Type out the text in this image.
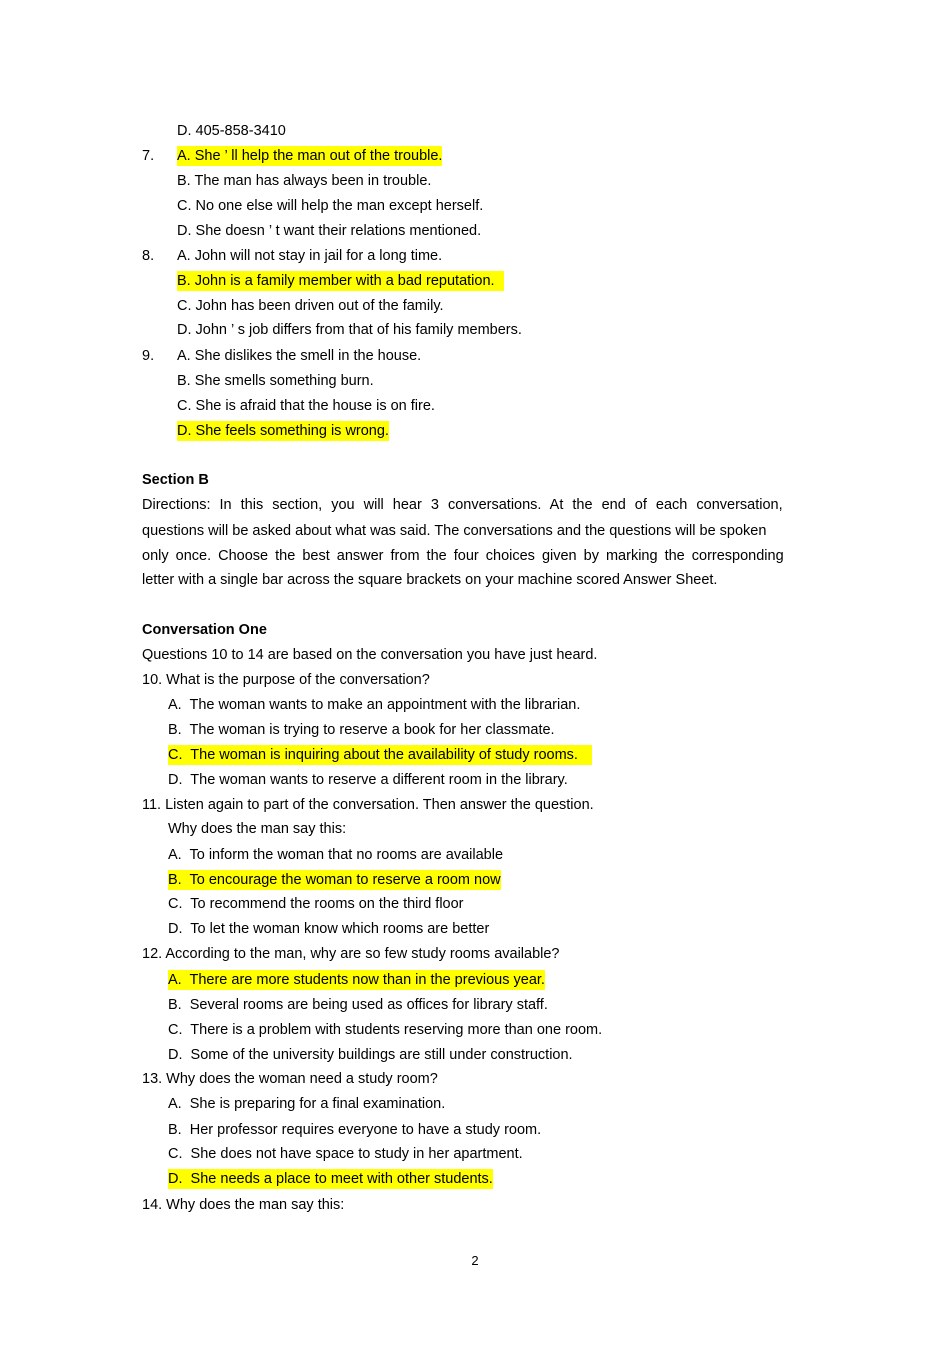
D. 405-858-3410
7. A. She ’ ll help the man out of the trouble.
B. The man has always been in trouble.
C. No one else will help the man except herself.
D. She doesn ’ t want their relations mentioned.
8. A. John will not stay in jail for a long time.
B. John is a family member with a bad reputation.
C. John has been driven out of the family.
D. John ’ s job differs from that of his family members.
9. A. She dislikes the smell in the house.
B. She smells something burn.
C. She is afraid that the house is on fire.
D. She feels something is wrong.
Section B
Directions: In this section, you will hear 3 conversations. At the end of each conversation,
questions will be asked about what was said. The conversations and the questions will be spoken
only once. Choose the best answer from the four choices given by marking the corresponding
letter with a single bar across the square brackets on your machine scored Answer Sheet.
Conversation One
Questions 10 to 14 are based on the conversation you have just heard.
10. What is the purpose of the conversation?
A.  The woman wants to make an appointment with the librarian.
B.  The woman is trying to reserve a book for her classmate.
C.  The woman is inquiring about the availability of study rooms.
D.  The woman wants to reserve a different room in the library.
11. Listen again to part of the conversation. Then answer the question.
Why does the man say this:
A.  To inform the woman that no rooms are available
B.  To encourage the woman to reserve a room now
C.  To recommend the rooms on the third floor
D.  To let the woman know which rooms are better
12. According to the man, why are so few study rooms available?
A.  There are more students now than in the previous year.
B.  Several rooms are being used as offices for library staff.
C.  There is a problem with students reserving more than one room.
D.  Some of the university buildings are still under construction.
13. Why does the woman need a study room?
A.  She is preparing for a final examination.
B.  Her professor requires everyone to have a study room.
C.  She does not have space to study in her apartment.
D.  She needs a place to meet with other students.
14. Why does the man say this:
2
